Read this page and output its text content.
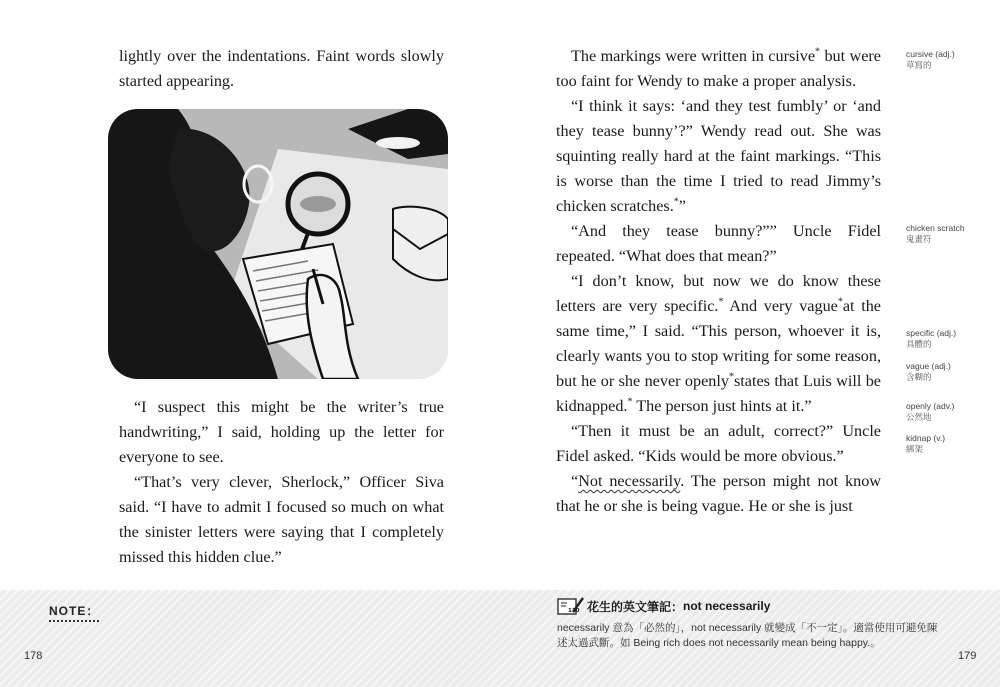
lightly over the indentations. Faint words slowly started appearing.

“I suspect this might be the writer’s true handwriting,” I said, holding up the letter for everyone to see.

“That’s very clever, Sherlock,” Officer Siva said. “I have to admit I focused so much on what the sinister letters were saying that I completely missed this hidden clue.”

The markings were written in cursive* but were too faint for Wendy to make a proper analysis.

“I think it says: ‘and they test fumbly’ or ‘and they tease bunny’?” Wendy read out. She was squinting really hard at the faint markings. “This is worse than the time I tried to read Jimmy’s chicken scratches.*”

“And they tease bunny?”” Uncle Fidel repeated. “What does that mean?”

“I don’t know, but now we do know these letters are very specific.* And very vague*at the same time,” I said. “This person, whoever it is, clearly wants you to stop writing for some reason, but he or she never openly*states that Luis will be kidnapped.* The person just hints at it.”

“Then it must be an adult, correct?” Uncle Fidel asked. “Kids would be more obvious.”

“Not necessarily. The person might not know that he or she is being vague. He or she is just

cursive (adj.)
草寫的
chicken scratch
鬼畫符
specific (adj.)
具體的
vague (adj.)
含糊的
openly (adv.)
公然地
kidnap (v.)
綁架
NOTE：
178
110 花生的英文筆記： not necessarily
necessarily 意為「必然的」，not necessarily 就變成「不一定」。適當使用可避免陳述太過武斷。如 Being rich does not necessarily mean being happy.。
179
